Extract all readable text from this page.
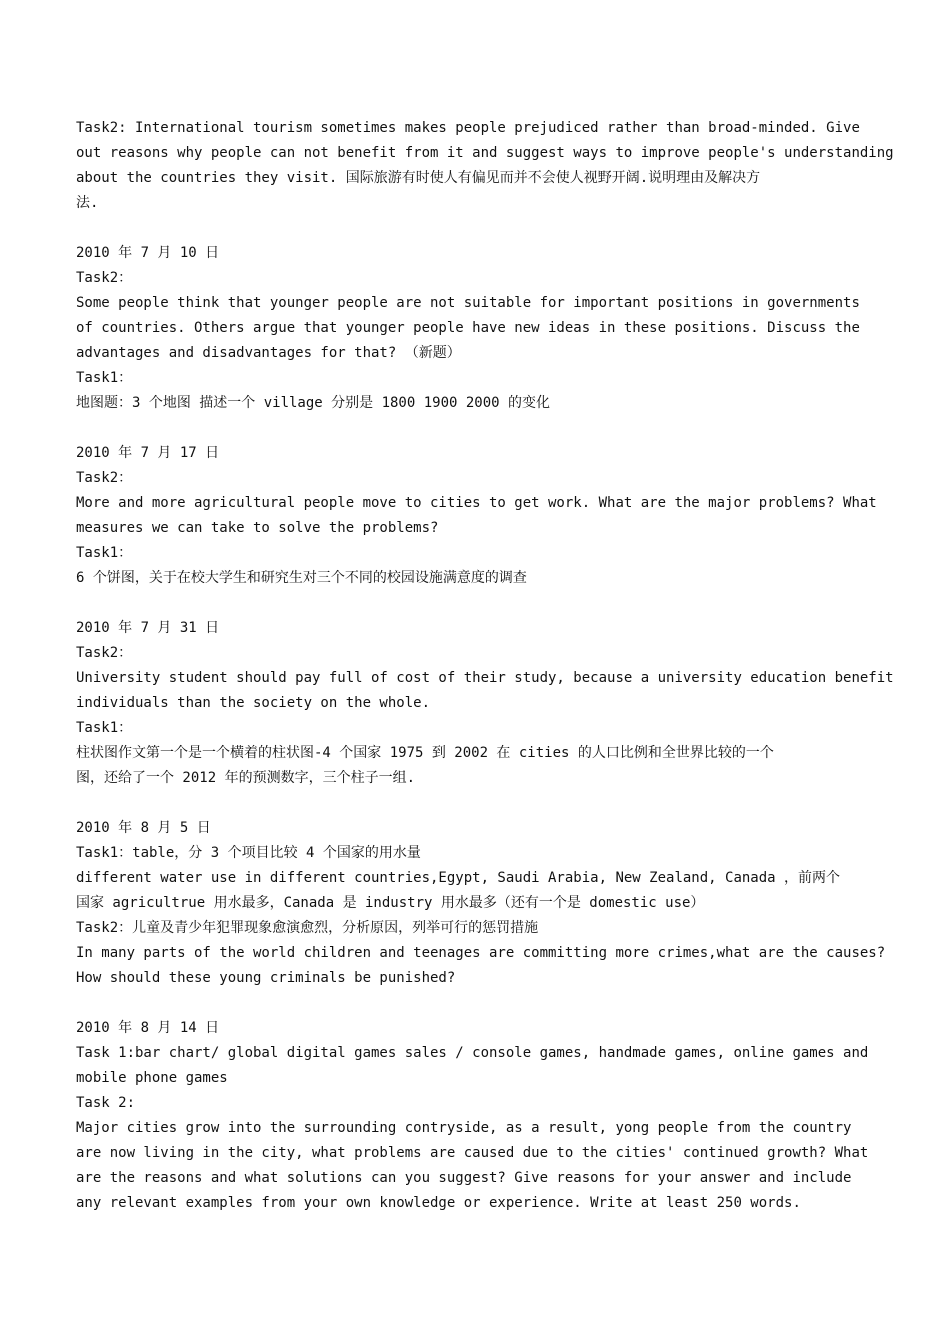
Task2: International tourism sometimes makes people prejudiced rather than broad-minded. Give
out reasons why people can not benefit from it and suggest ways to improve people's understanding
about the countries they visit. 国际旅游有时使人有偏见而并不会使人视野开阔.说明理由及解决方
法.
2010 年 7 月 10 日
Task2：
Some people think that younger people are not suitable for important positions in governments
of countries. Others argue that younger people have new ideas in these positions. Discuss the
advantages and disadvantages for that? （新题）
Task1：
地图题：3 个地图 描述一个 village 分别是 1800 1900 2000 的变化
2010 年 7 月 17 日
Task2：
More and more agricultural people move to cities to get work. What are the major problems? What
measures we can take to solve the problems?
Task1：
6 个饼图，关于在校大学生和研究生对三个不同的校园设施满意度的调查
2010 年 7 月 31 日
Task2：
University student should pay full of cost of their study, because a university education benefit
individuals than the society on the whole.
Task1：
柱状图作文第一个是一个横着的柱状图-4 个国家 1975 到 2002 在 cities 的人口比例和全世界比较的一个
图，还给了一个 2012 年的预测数字，三个柱子一组.
2010 年 8 月 5 日
Task1：table，分 3 个项目比较 4 个国家的用水量
different water use in different countries,Egypt, Saudi Arabia, New Zealand, Canada ，前两个
国家 agricultrue 用水最多，Canada 是 industry 用水最多（还有一个是 domestic use）
Task2：儿童及青少年犯罪现象愈演愈烈，分析原因，列举可行的惩罚措施
In many parts of the world children and teenages are committing more crimes,what are the causes?
How should these young criminals be punished?
2010 年 8 月 14 日
Task 1:bar chart/ global digital games sales / console games, handmade games, online games and
mobile phone games
Task 2:
Major cities grow into the surrounding contryside, as a result, yong people from the country
are now living in the city, what problems are caused due to the cities' continued growth? What
are the reasons and what solutions can you suggest? Give reasons for your answer and include
any relevant examples from your own knowledge or experience. Write at least 250 words.
